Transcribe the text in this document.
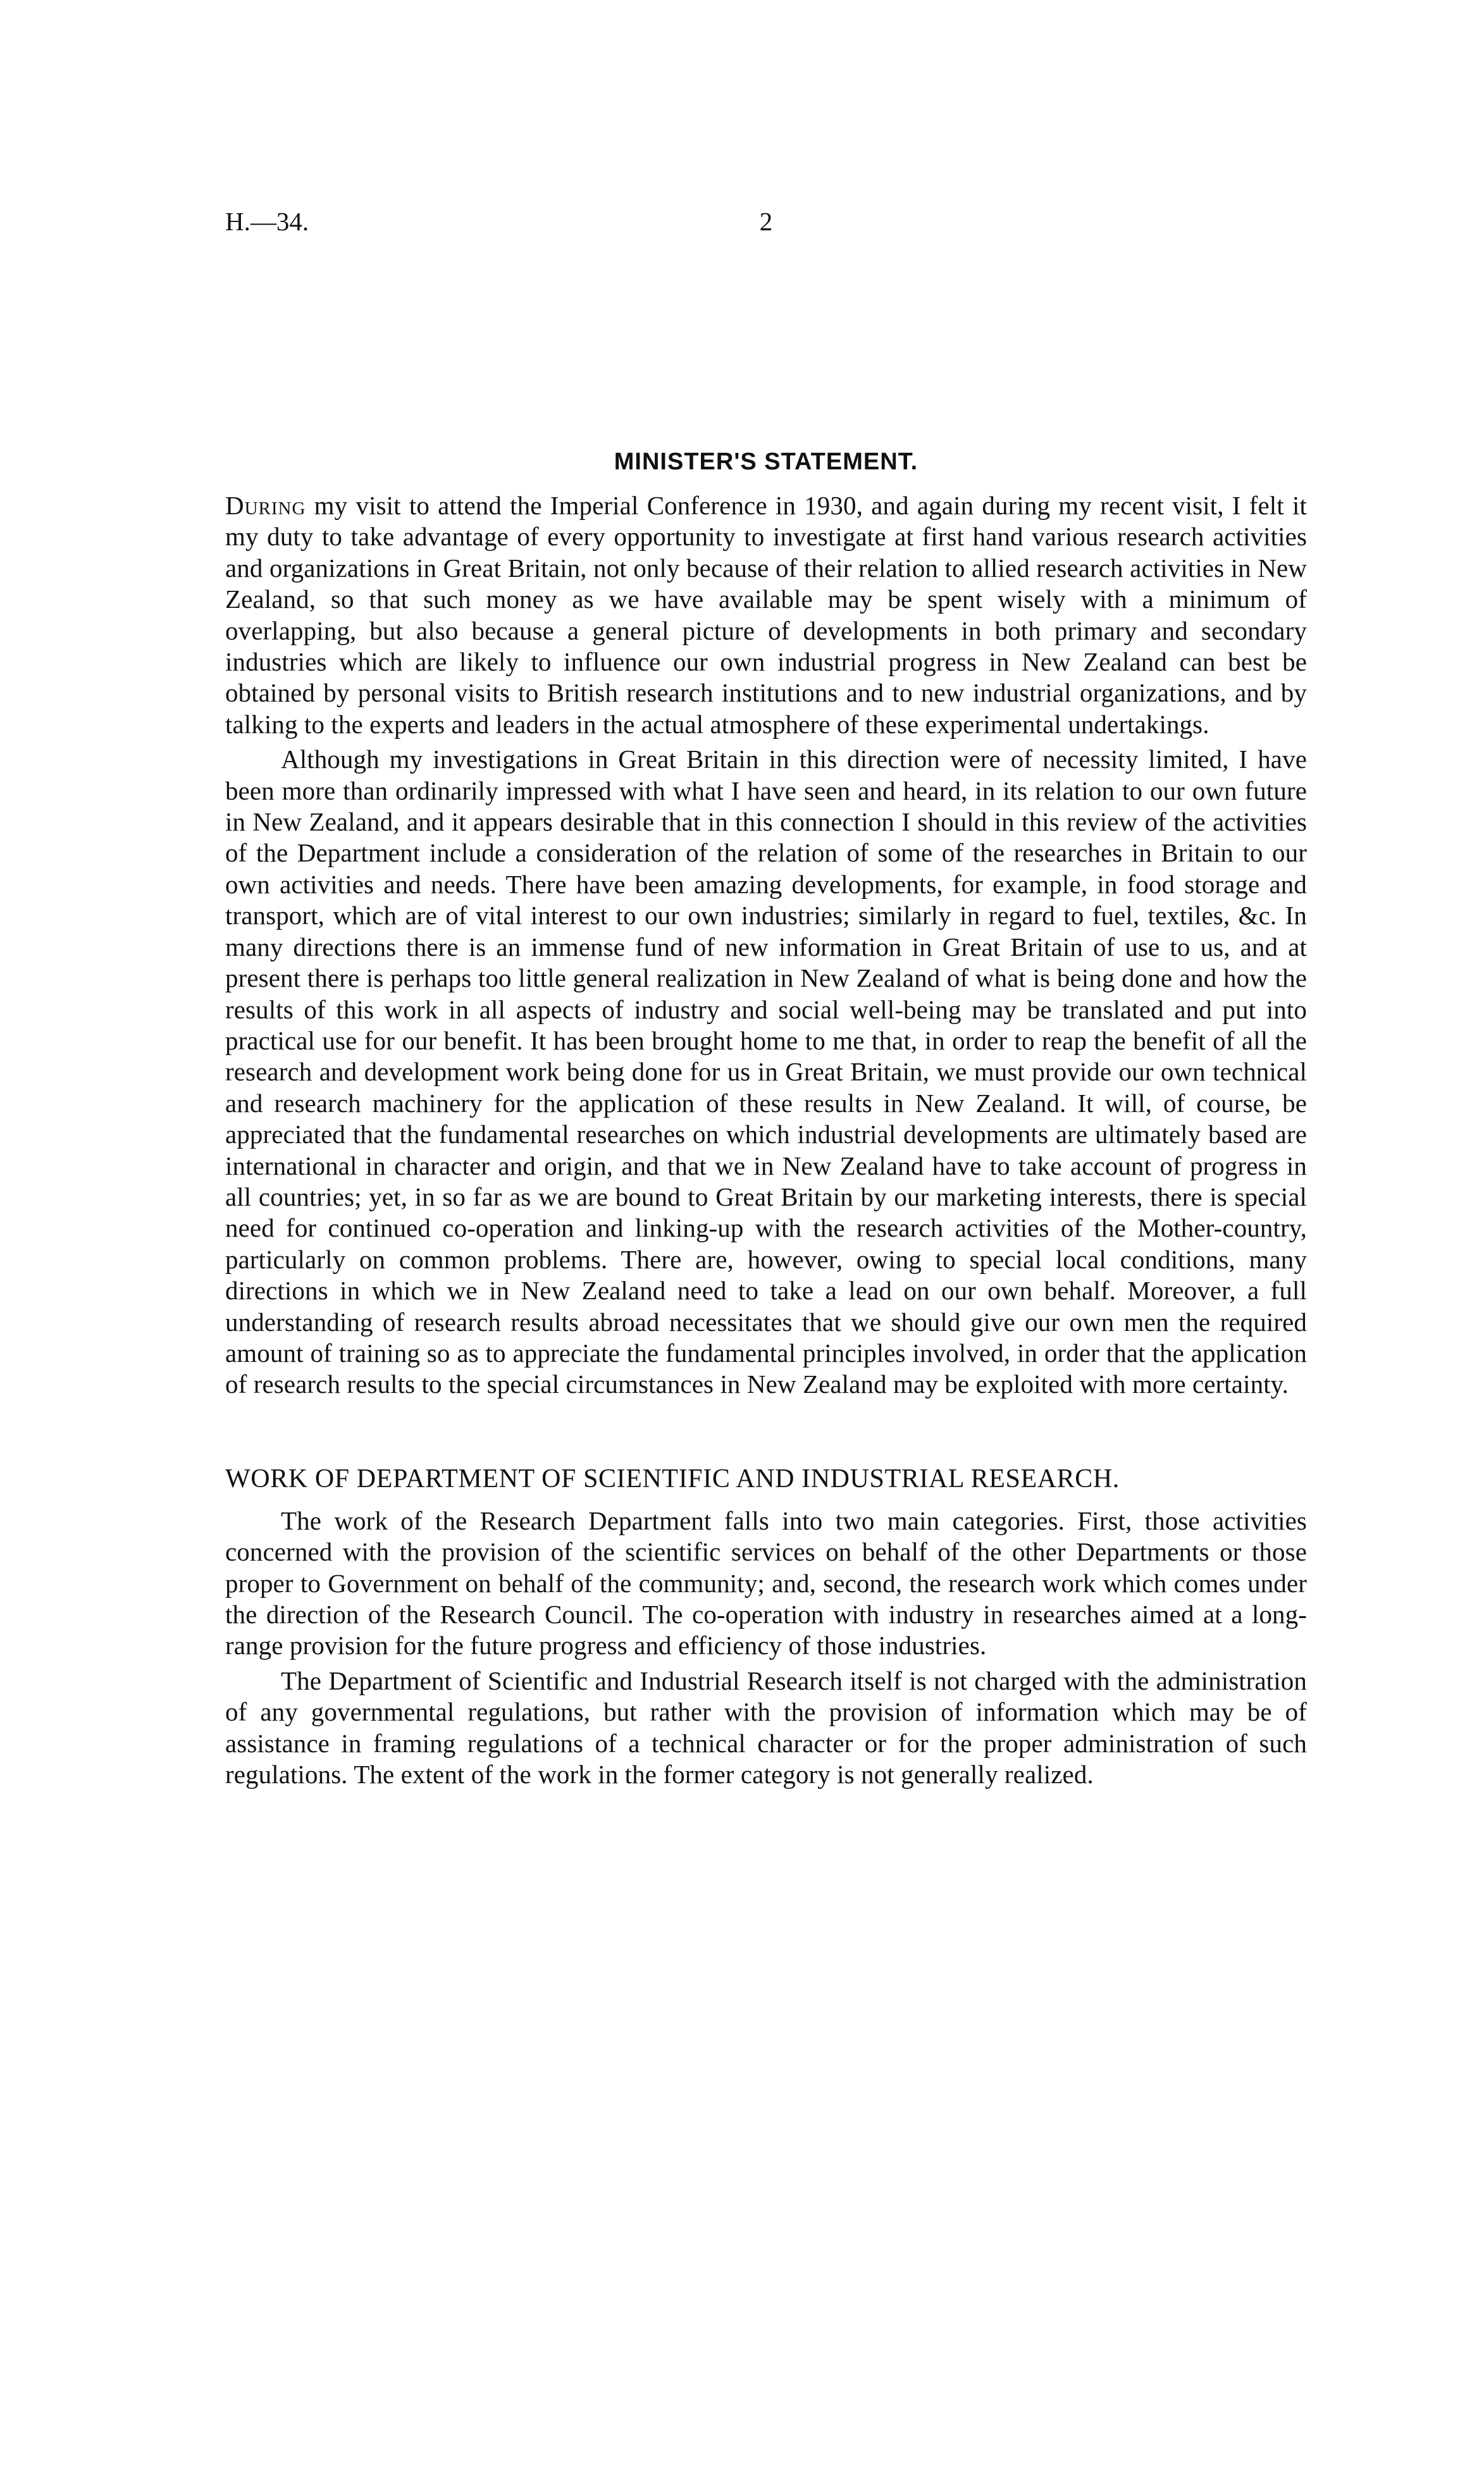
H.—34.	2
MINISTER'S STATEMENT.

During my visit to attend the Imperial Conference in 1930, and again during my recent visit, I felt it my duty to take advantage of every opportunity to investigate at first hand various research activities and organizations in Great Britain, not only because of their relation to allied research activities in New Zealand, so that such money as we have available may be spent wisely with a minimum of overlapping, but also because a general picture of developments in both primary and secondary industries which are likely to influence our own industrial progress in New Zealand can best be obtained by personal visits to British research institutions and to new industrial organizations, and by talking to the experts and leaders in the actual atmosphere of these experimental undertakings.

Although my investigations in Great Britain in this direction were of necessity limited, I have been more than ordinarily impressed with what I have seen and heard, in its relation to our own future in New Zealand, and it appears desirable that in this connection I should in this review of the activities of the Department include a consideration of the relation of some of the researches in Britain to our own activities and needs. There have been amazing developments, for example, in food storage and transport, which are of vital interest to our own industries; similarly in regard to fuel, textiles, &c. In many directions there is an immense fund of new information in Great Britain of use to us, and at present there is perhaps too little general realization in New Zealand of what is being done and how the results of this work in all aspects of industry and social well-being may be translated and put into practical use for our benefit. It has been brought home to me that, in order to reap the benefit of all the research and development work being done for us in Great Britain, we must provide our own technical and research machinery for the application of these results in New Zealand. It will, of course, be appreciated that the fundamental researches on which industrial developments are ultimately based are international in character and origin, and that we in New Zealand have to take account of progress in all countries; yet, in so far as we are bound to Great Britain by our marketing interests, there is special need for continued co-operation and linking-up with the research activities of the Mother-country, particularly on common problems. There are, however, owing to special local conditions, many directions in which we in New Zealand need to take a lead on our own behalf. Moreover, a full understanding of research results abroad necessitates that we should give our own men the required amount of training so as to appreciate the fundamental principles involved, in order that the application of research results to the special circumstances in New Zealand may be exploited with more certainty.

WORK OF DEPARTMENT OF SCIENTIFIC AND INDUSTRIAL RESEARCH.

The work of the Research Department falls into two main categories. First, those activities concerned with the provision of the scientific services on behalf of the other Departments or those proper to Government on behalf of the community; and, second, the research work which comes under the direction of the Research Council. The co-operation with industry in researches aimed at a long-range provision for the future progress and efficiency of those industries.

The Department of Scientific and Industrial Research itself is not charged with the administration of any governmental regulations, but rather with the provision of information which may be of assistance in framing regulations of a technical character or for the proper administration of such regulations. The extent of the work in the former category is not generally realized.
